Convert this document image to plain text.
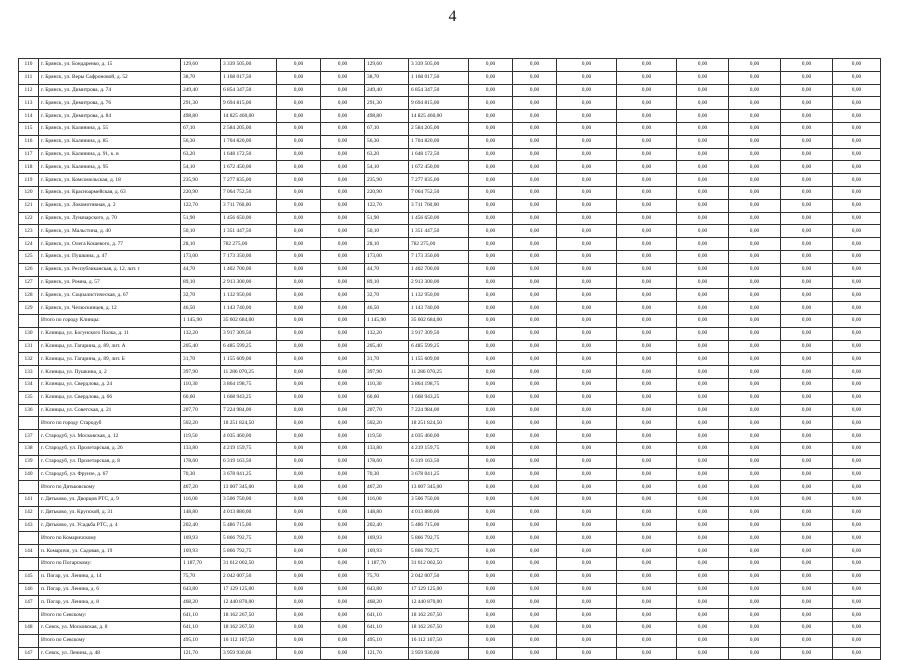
4
110	г. Брянск, ул. Бондаренко, д. 15	129,60	3 339 505,00	0,00	0,00	129,60	3 339 505,00	0,00	0,00	0,00	0,00	0,00	0,00	0,00	0,00
111	г. Брянск, ул. Веры Сафроновой, д. 52	38,70	1 168 017,50	0,00	0,00	38,70	1 168 017,50	0,00	0,00	0,00	0,00	0,00	0,00	0,00	0,00
112	г. Брянск, ул. Димитрова, д. 74	249,40	6 854 347,50	0,00	0,00	249,40	6 854 347,50	0,00	0,00	0,00	0,00	0,00	0,00	0,00	0,00
113	г. Брянск, ул. Димитрова, д. 76	291,30	9 694 815,00	0,00	0,00	291,30	9 694 815,00	0,00	0,00	0,00	0,00	0,00	0,00	0,00	0,00
114	г. Брянск, ул. Димитрова, д. 84	498,80	14 825 460,00	0,00	0,00	498,80	14 825 460,00	0,00	0,00	0,00	0,00	0,00	0,00	0,00	0,00
115	г. Брянск, ул. Калинина, д. 55	67,10	2 584 205,00	0,00	0,00	67,10	2 584 205,00	0,00	0,00	0,00	0,00	0,00	0,00	0,00	0,00
116	г. Брянск, ул. Калинина, д. 85	56,30	1 704 820,00	0,00	0,00	56,30	1 704 820,00	0,00	0,00	0,00	0,00	0,00	0,00	0,00	0,00
117	г. Брянск, ул. Калинина, д. 91, к. в	63,20	1 648 172,50	0,00	0,00	63,20	1 648 172,50	0,00	0,00	0,00	0,00	0,00	0,00	0,00	0,00
118	г. Брянск, ул. Калинина, д. 95	54,10	1 672 450,00	0,00	0,00	54,10	1 672 450,00	0,00	0,00	0,00	0,00	0,00	0,00	0,00	0,00
119	г. Брянск, ул. Комсомольская, д. 18	235,90	7 277 835,00	0,00	0,00	235,90	7 277 835,00	0,00	0,00	0,00	0,00	0,00	0,00	0,00	0,00
120	г. Брянск, ул. Красноармейская, д. 63	220,90	7 064 752,50	0,00	0,00	220,90	7 064 752,50	0,00	0,00	0,00	0,00	0,00	0,00	0,00	0,00
121	г. Брянск, ул. Локомотивная, д. 2	122,70	3 711 760,00	0,00	0,00	122,70	3 711 760,00	0,00	0,00	0,00	0,00	0,00	0,00	0,00	0,00
122	г. Брянск, ул. Луначарского, д. 70	51,90	1 456 650,00	0,00	0,00	51,90	1 456 650,00	0,00	0,00	0,00	0,00	0,00	0,00	0,00	0,00
123	г. Брянск, ул. Мальстина, д. 40	50,10	1 351 447,50	0,00	0,00	50,10	1 351 447,50	0,00	0,00	0,00	0,00	0,00	0,00	0,00	0,00
124	г. Брянск, ул. Олега Кошевого, д. 77	28,10	782 275,00	0,00	0,00	28,10	782 275,00	0,00	0,00	0,00	0,00	0,00	0,00	0,00	0,00
125	г. Брянск, ул. Пушкина, д. 47	173,00	7 173 350,00	0,00	0,00	173,00	7 173 350,00	0,00	0,00	0,00	0,00	0,00	0,00	0,00	0,00
126	г. Брянск, ул. Республиканская, д. 12, лит. г	44,70	1 402 700,00	0,00	0,00	44,70	1 402 700,00	0,00	0,00	0,00	0,00	0,00	0,00	0,00	0,00
127	г. Брянск, ул. Ромна, д. 57	89,10	2 913 300,00	0,00	0,00	89,10	2 913 300,00	0,00	0,00	0,00	0,00	0,00	0,00	0,00	0,00
128	г. Брянск, ул. Социалистическая, д. 67	32,70	1 132 950,00	0,00	0,00	32,70	1 132 950,00	0,00	0,00	0,00	0,00	0,00	0,00	0,00	0,00
129	г. Брянск, ул. Челюскинцев, д. 12	46,50	1 143 740,00	0,00	0,00	46,50	1 143 740,00	0,00	0,00	0,00	0,00	0,00	0,00	0,00	0,00
	Итого по городу Клинцы:	1 145,90	35 602 684,00	0,00	0,00	1 145,90	35 602 684,00	0,00	0,00	0,00	0,00	0,00	0,00	0,00	0,00
130	г. Клинцы, ул. Богунского Полка, д. 11	132,20	3 917 309,50	0,00	0,00	132,20	3 917 309,50	0,00	0,00	0,00	0,00	0,00	0,00	0,00	0,00
131	г. Клинцы, ул. Гагарина, д. 89, лит. А	205,40	6 485 599,25	0,00	0,00	205,40	6 485 599,25	0,00	0,00	0,00	0,00	0,00	0,00	0,00	0,00
132	г. Клинцы, ул. Гагарина, д. 89, лит. Б	31,70	1 155 609,00	0,00	0,00	31,70	1 155 609,00	0,00	0,00	0,00	0,00	0,00	0,00	0,00	0,00
133	г. Клинцы, ул. Пушкина, д. 2	397,90	11 286 070,25	0,00	0,00	397,90	11 286 070,25	0,00	0,00	0,00	0,00	0,00	0,00	0,00	0,00
134	г. Клинцы, ул. Свердлова, д. 24	110,30	3 864 198,75	0,00	0,00	110,30	3 864 198,75	0,00	0,00	0,00	0,00	0,00	0,00	0,00	0,00
135	г. Клинцы, ул. Свердлова, д. 66	60,60	1 668 943,25	0,00	0,00	60,60	1 668 943,25	0,00	0,00	0,00	0,00	0,00	0,00	0,00	0,00
136	г. Клинцы, ул. Советская, д. 21	207,70	7 224 984,00	0,00	0,00	207,70	7 224 984,00	0,00	0,00	0,00	0,00	0,00	0,00	0,00	0,00
	Итого по городу Стародуб	502,20	18 251 824,50	0,00	0,00	502,20	18 251 824,50	0,00	0,00	0,00	0,00	0,00	0,00	0,00	0,00
137	г. Стародуб, ул. Московская, д. 12	119,50	4 035 460,00	0,00	0,00	119,50	4 035 460,00	0,00	0,00	0,00	0,00	0,00	0,00	0,00	0,00
138	г. Стародуб, ул. Пролетарская, д. 26	133,80	4 219 159,75	0,00	0,00	133,80	4 219 159,75	0,00	0,00	0,00	0,00	0,00	0,00	0,00	0,00
139	г. Стародуб, ул. Пролетарская, д. 8	178,60	6 319 163,50	0,00	0,00	178,60	6 319 163,50	0,00	0,00	0,00	0,00	0,00	0,00	0,00	0,00
140	г. Стародуб, ул. Фрунзе, д. 67	70,30	3 678 041,25	0,00	0,00	70,30	3 678 041,25	0,00	0,00	0,00	0,00	0,00	0,00	0,00	0,00
	Итого по Дятьковскому	467,20	13 007 345,00	0,00	0,00	467,20	13 007 345,00	0,00	0,00	0,00	0,00	0,00	0,00	0,00	0,00
141	г. Дятьково, ул. Дворцов РТС, д. 9	116,00	3 506 750,00	0,00	0,00	116,00	3 506 750,00	0,00	0,00	0,00	0,00	0,00	0,00	0,00	0,00
142	г. Дятьково, ул. Крупской, д. 31	148,80	4 013 880,00	0,00	0,00	148,80	4 013 880,00	0,00	0,00	0,00	0,00	0,00	0,00	0,00	0,00
143	г. Дятьково, ул. Усадьба РТС, д. 4	202,40	5 486 715,00	0,00	0,00	202,40	5 486 715,00	0,00	0,00	0,00	0,00	0,00	0,00	0,00	0,00
	Итого по Комаричскому	169,93	5 866 792,75	0,00	0,00	169,93	5 866 792,75	0,00	0,00	0,00	0,00	0,00	0,00	0,00	0,00
144	п. Комаричи, ул. Садовая, д. 19	169,93	5 866 792,75	0,00	0,00	169,93	5 866 792,75	0,00	0,00	0,00	0,00	0,00	0,00	0,00	0,00
	Итого по Погарскому:	1 187,70	31 612 002,50	0,00	0,00	1 187,70	31 612 002,50	0,00	0,00	0,00	0,00	0,00	0,00	0,00	0,00
145	п. Погар, ул. Ленина, д. 14	75,70	2 042 007,50	0,00	0,00	75,70	2 042 007,50	0,00	0,00	0,00	0,00	0,00	0,00	0,00	0,00
146	п. Погар, ул. Ленина, д. 6	643,80	17 129 125,00	0,00	0,00	643,80	17 129 125,00	0,00	0,00	0,00	0,00	0,00	0,00	0,00	0,00
147	п. Погар, ул. Ленина, д. 8	468,20	12 440 870,00	0,00	0,00	468,20	12 440 870,00	0,00	0,00	0,00	0,00	0,00	0,00	0,00	0,00
	Итого по Севскому:	641,10	18 162 267,50	0,00	0,00	641,10	18 162 267,50	0,00	0,00	0,00	0,00	0,00	0,00	0,00	0,00
148	г. Севск, ул. Московская, д. 8	641,10	18 162 267,50	0,00	0,00	641,10	18 162 267,50	0,00	0,00	0,00	0,00	0,00	0,00	0,00	0,00
	Итого по Севскому	495,10	16 112 167,50	0,00	0,00	495,10	16 112 167,50	0,00	0,00	0,00	0,00	0,00	0,00	0,00	0,00
147	г. Севск, ул. Ленина, д. 48	121,70	3 959 930,00	0,00	0,00	121,70	3 959 930,00	0,00	0,00	0,00	0,00	0,00	0,00	0,00	0,00
